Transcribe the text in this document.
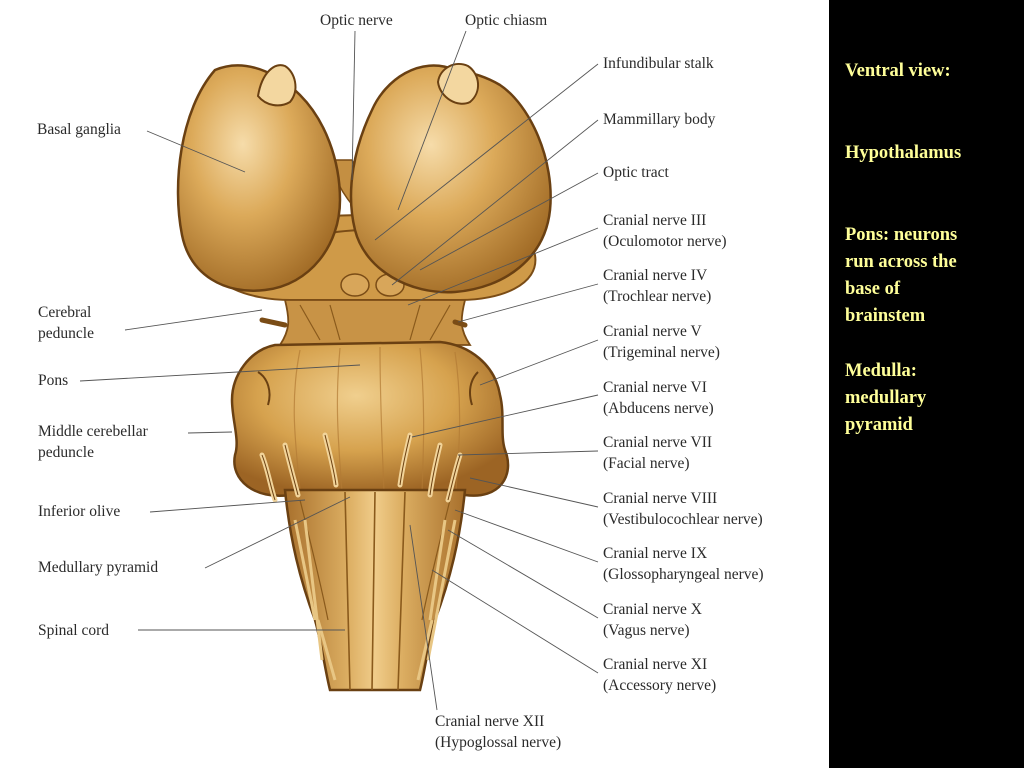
Optic nerve	Optic chiasm
Infundibular stalk
Mammillary body
Optic tract
Basal ganglia
Cerebral
peduncle
Pons
Middle cerebellar
peduncle
Inferior olive
Medullary pyramid
Spinal cord
Cranial nerve III
(Oculomotor nerve)
Cranial nerve IV
(Trochlear nerve)
Cranial nerve V
(Trigeminal nerve)
Cranial nerve VI
(Abducens nerve)
Cranial nerve VII
(Facial nerve)
Cranial nerve VIII
(Vestibulocochlear nerve)
Cranial nerve IX
(Glossopharyngeal nerve)
Cranial nerve X
(Vagus nerve)
Cranial nerve XI
(Accessory nerve)
Cranial nerve XII
(Hypoglossal nerve)
Ventral view:
Hypothalamus
Pons: neurons
run across the
base of
brainstem
Medulla:
medullary
pyramid
